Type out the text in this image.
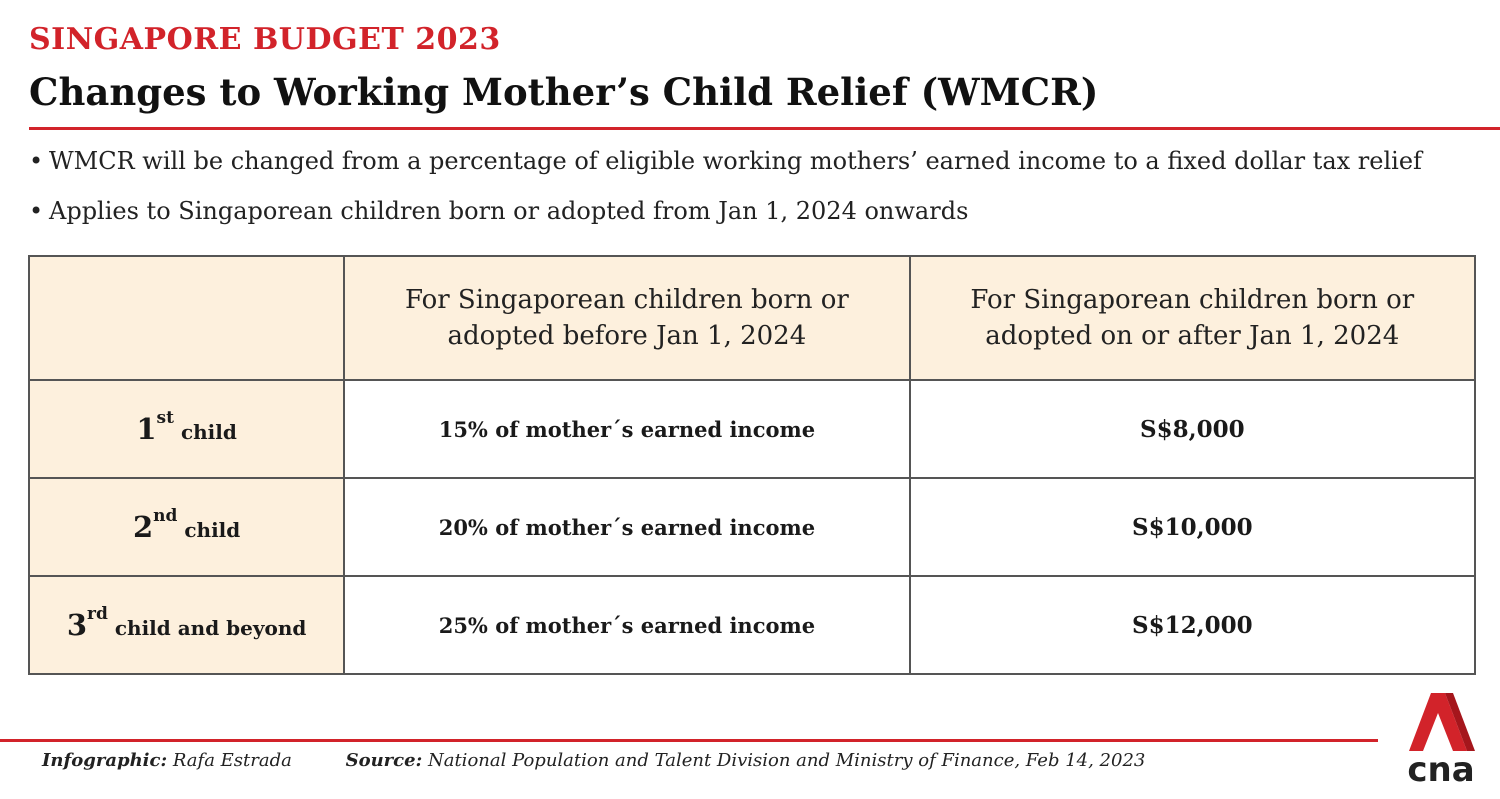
SINGAPORE BUDGET 2023
Changes to Working Mother’s Child Relief (WMCR)
• WMCR will be changed from a percentage of eligible working mothers’ earned income to a fixed dollar tax relief
• Applies to Singaporean children born or adopted from Jan 1, 2024 onwards
	For Singaporean children born or adopted before Jan 1, 2024	For Singaporean children born or adopted on or after Jan 1, 2024
1st child	15% of mother´s earned income	S$8,000
2nd child	20% of mother´s earned income	S$10,000
3rd child and beyond	25% of mother´s earned income	S$12,000
Infographic: Rafa Estrada	Source: National Population and Talent Division and Ministry of Finance, Feb 14, 2023	cna
